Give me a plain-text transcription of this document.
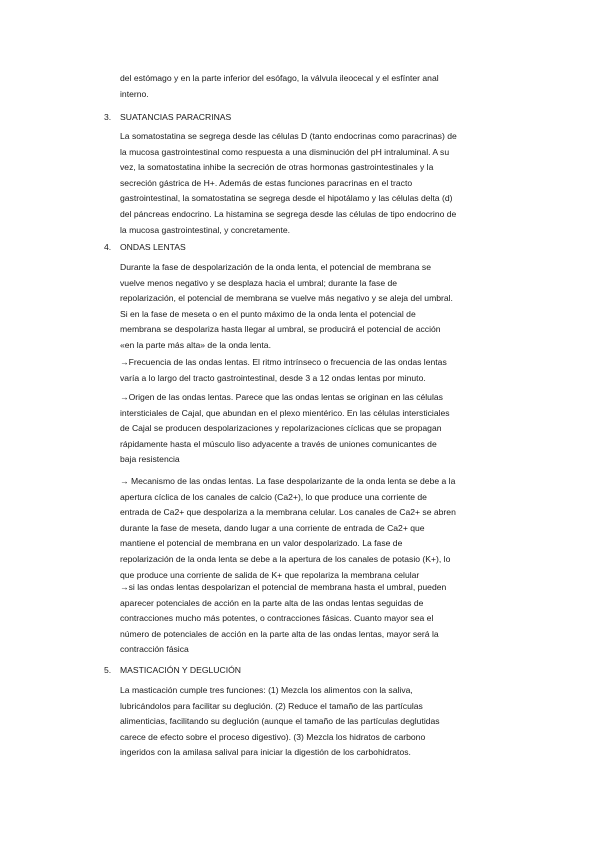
del estómago y en la parte inferior del esófago, la válvula ileocecal y el esfínter anal
interno.
3. SUATANCIAS PARACRINAS
La somatostatina se segrega desde las células D (tanto endocrinas como paracrinas) de
la mucosa gastrointestinal como respuesta a una disminución del pH intraluminal. A su
vez, la somatostatina inhibe la secreción de otras hormonas gastrointestinales y la
secreción gástrica de H+. Además de estas funciones paracrinas en el tracto
gastrointestinal, la somatostatina se segrega desde el hipotálamo y las células delta (d)
del páncreas endocrino. La histamina se segrega desde las células de tipo endocrino de
la mucosa gastrointestinal, y concretamente.
4. ONDAS LENTAS
Durante la fase de despolarización de la onda lenta, el potencial de membrana se
vuelve menos negativo y se desplaza hacia el umbral; durante la fase de
repolarización, el potencial de membrana se vuelve más negativo y se aleja del umbral.
Si en la fase de meseta o en el punto máximo de la onda lenta el potencial de
membrana se despolariza hasta llegar al umbral, se producirá el potencial de acción
«en la parte más alta» de la onda lenta.
→Frecuencia de las ondas lentas. El ritmo intrínseco o frecuencia de las ondas lentas
varía a lo largo del tracto gastrointestinal, desde 3 a 12 ondas lentas por minuto.
→Origen de las ondas lentas. Parece que las ondas lentas se originan en las células
intersticiales de Cajal, que abundan en el plexo mientérico. En las células intersticiales
de Cajal se producen despolarizaciones y repolarizaciones cíclicas que se propagan
rápidamente hasta el músculo liso adyacente a través de uniones comunicantes de
baja resistencia
→ Mecanismo de las ondas lentas. La fase despolarizante de la onda lenta se debe a la
apertura cíclica de los canales de calcio (Ca2+), lo que produce una corriente de
entrada de Ca2+ que despolariza a la membrana celular. Los canales de Ca2+ se abren
durante la fase de meseta, dando lugar a una corriente de entrada de Ca2+ que
mantiene el potencial de membrana en un valor despolarizado. La fase de
repolarización de la onda lenta se debe a la apertura de los canales de potasio (K+), lo
que produce una corriente de salida de K+ que repolariza la membrana celular
→si las ondas lentas despolarizan el potencial de membrana hasta el umbral, pueden
aparecer potenciales de acción en la parte alta de las ondas lentas seguidas de
contracciones mucho más potentes, o contracciones fásicas. Cuanto mayor sea el
número de potenciales de acción en la parte alta de las ondas lentas, mayor será la
contracción fásica
5. MASTICACIÓN Y DEGLUCIÓN
La masticación cumple tres funciones: (1) Mezcla los alimentos con la saliva,
lubricándolos para facilitar su deglución. (2) Reduce el tamaño de las partículas
alimenticias, facilitando su deglución (aunque el tamaño de las partículas deglutidas
carece de efecto sobre el proceso digestivo). (3) Mezcla los hidratos de carbono
ingeridos con la amilasa salival para iniciar la digestión de los carbohidratos.
